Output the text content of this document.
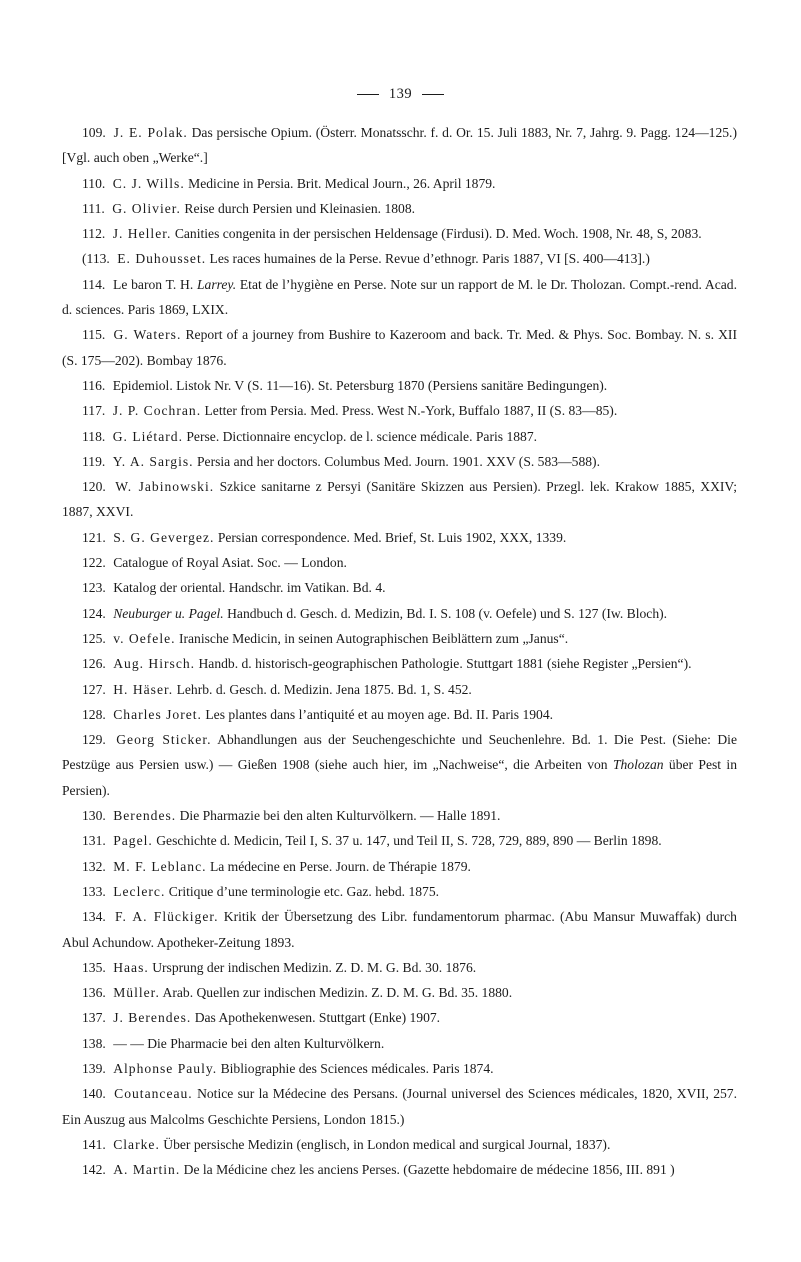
139

109. J. E. Polak. Das persische Opium. (Österr. Monatsschr. f. d. Or. 15. Juli 1883, Nr. 7, Jahrg. 9. Pagg. 124—125.) [Vgl. auch oben „Werke“.]

110. C. J. Wills. Medicine in Persia. Brit. Medical Journ., 26. April 1879.

111. G. Olivier. Reise durch Persien und Kleinasien. 1808.

112. J. Heller. Canities congenita in der persischen Heldensage (Firdusi). D. Med. Woch. 1908, Nr. 48, S, 2083.

(113. E. Duhousset. Les races humaines de la Perse. Revue d’ethnogr. Paris 1887, VI [S. 400—413].)

114. Le baron T. H. Larrey. Etat de l’hygiène en Perse. Note sur un rapport de M. le Dr. Tholozan. Compt.-rend. Acad. d. sciences. Paris 1869, LXIX.

115. G. Waters. Report of a journey from Bushire to Kazeroom and back. Tr. Med. & Phys. Soc. Bombay. N. s. XII (S. 175—202). Bombay 1876.

116. Epidemiol. Listok Nr. V (S. 11—16). St. Petersburg 1870 (Persiens sanitäre Bedingungen).

117. J. P. Cochran. Letter from Persia. Med. Press. West N.-York, Buffalo 1887, II (S. 83—85).

118. G. Liétard. Perse. Dictionnaire encyclop. de l. science médicale. Paris 1887.

119. Y. A. Sargis. Persia and her doctors. Columbus Med. Journ. 1901. XXV (S. 583—588).

120. W. Jabinowski. Szkice sanitarne z Persyi (Sanitäre Skizzen aus Persien). Przegl. lek. Krakow 1885, XXIV; 1887, XXVI.

121. S. G. Gevergez. Persian correspondence. Med. Brief, St. Luis 1902, XXX, 1339.

122. Catalogue of Royal Asiat. Soc. — London.

123. Katalog der oriental. Handschr. im Vatikan. Bd. 4.

124. Neuburger u. Pagel. Handbuch d. Gesch. d. Medizin, Bd. I. S. 108 (v. Oefele) und S. 127 (Iw. Bloch).

125. v. Oefele. Iranische Medicin, in seinen Autographischen Beiblättern zum „Janus“.

126. Aug. Hirsch. Handb. d. historisch-geographischen Pathologie. Stuttgart 1881 (siehe Register „Persien“).

127. H. Häser. Lehrb. d. Gesch. d. Medizin. Jena 1875. Bd. 1, S. 452.

128. Charles Joret. Les plantes dans l’antiquité et au moyen age. Bd. II. Paris 1904.

129. Georg Sticker. Abhandlungen aus der Seuchengeschichte und Seuchenlehre. Bd. 1. Die Pest. (Siehe: Die Pestzüge aus Persien usw.) — Gießen 1908 (siehe auch hier, im „Nachweise“, die Arbeiten von Tholozan über Pest in Persien).

130. Berendes. Die Pharmazie bei den alten Kulturvölkern. — Halle 1891.

131. Pagel. Geschichte d. Medicin, Teil I, S. 37 u. 147, und Teil II, S. 728, 729, 889, 890 — Berlin 1898.

132. M. F. Leblanc. La médecine en Perse. Journ. de Thérapie 1879.

133. Leclerc. Critique d’une terminologie etc. Gaz. hebd. 1875.

134. F. A. Flückiger. Kritik der Übersetzung des Libr. fundamentorum pharmac. (Abu Mansur Muwaffak) durch Abul Achundow. Apotheker-Zeitung 1893.

135. Haas. Ursprung der indischen Medizin. Z. D. M. G. Bd. 30. 1876.

136. Müller. Arab. Quellen zur indischen Medizin. Z. D. M. G. Bd. 35. 1880.

137. J. Berendes. Das Apothekenwesen. Stuttgart (Enke) 1907.

138. — — Die Pharmacie bei den alten Kulturvölkern.

139. Alphonse Pauly. Bibliographie des Sciences médicales. Paris 1874.

140. Coutanceau. Notice sur la Médecine des Persans. (Journal universel des Sciences médicales, 1820, XVII, 257. Ein Auszug aus Malcolms Geschichte Persiens, London 1815.)

141. Clarke. Über persische Medizin (englisch, in London medical and surgical Journal, 1837).

142. A. Martin. De la Médicine chez les anciens Perses. (Gazette hebdomaire de médecine 1856, III. 891 )
